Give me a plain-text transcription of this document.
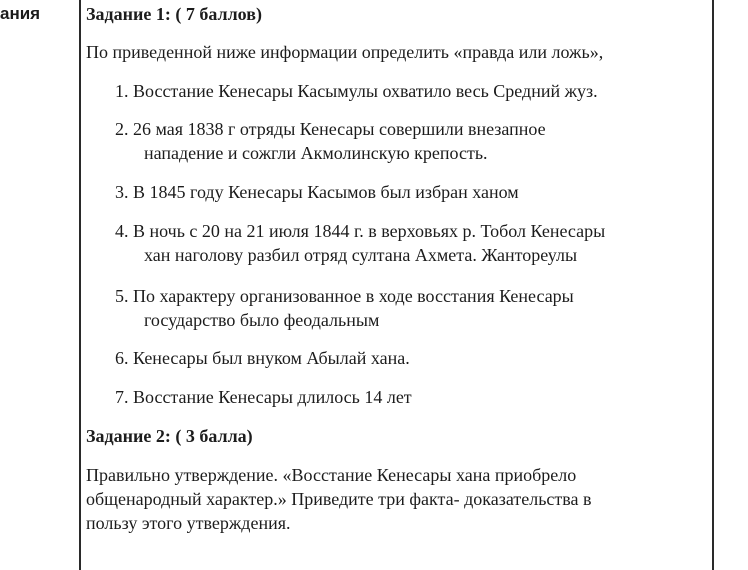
ания	Задание 1: ( 7 баллов)
По приведенной ниже информации определить «правда или ложь»,
1. Восстание Кенесары Касымулы охватило весь Средний жуз.
2. 26 мая 1838 г отряды Кенесары совершили внезапное
нападение и сожгли Акмолинскую крепость.
3. В 1845 году Кенесары Касымов был избран ханом
4. В ночь с 20 на 21 июля 1844 г. в верховьях р. Тобол Кенесары
хан наголову разбил отряд султана Ахмета. Жантореулы
5. По характеру организованное в ходе восстания Кенесары
государство было феодальным
6. Кенесары был внуком Абылай хана.
7. Восстание Кенесары длилось 14 лет
Задание 2: ( 3 балла)
Правильно утверждение. «Восстание Кенесары хана приобрело
общенародный характер.» Приведите три факта- доказательства в
пользу этого утверждения.
